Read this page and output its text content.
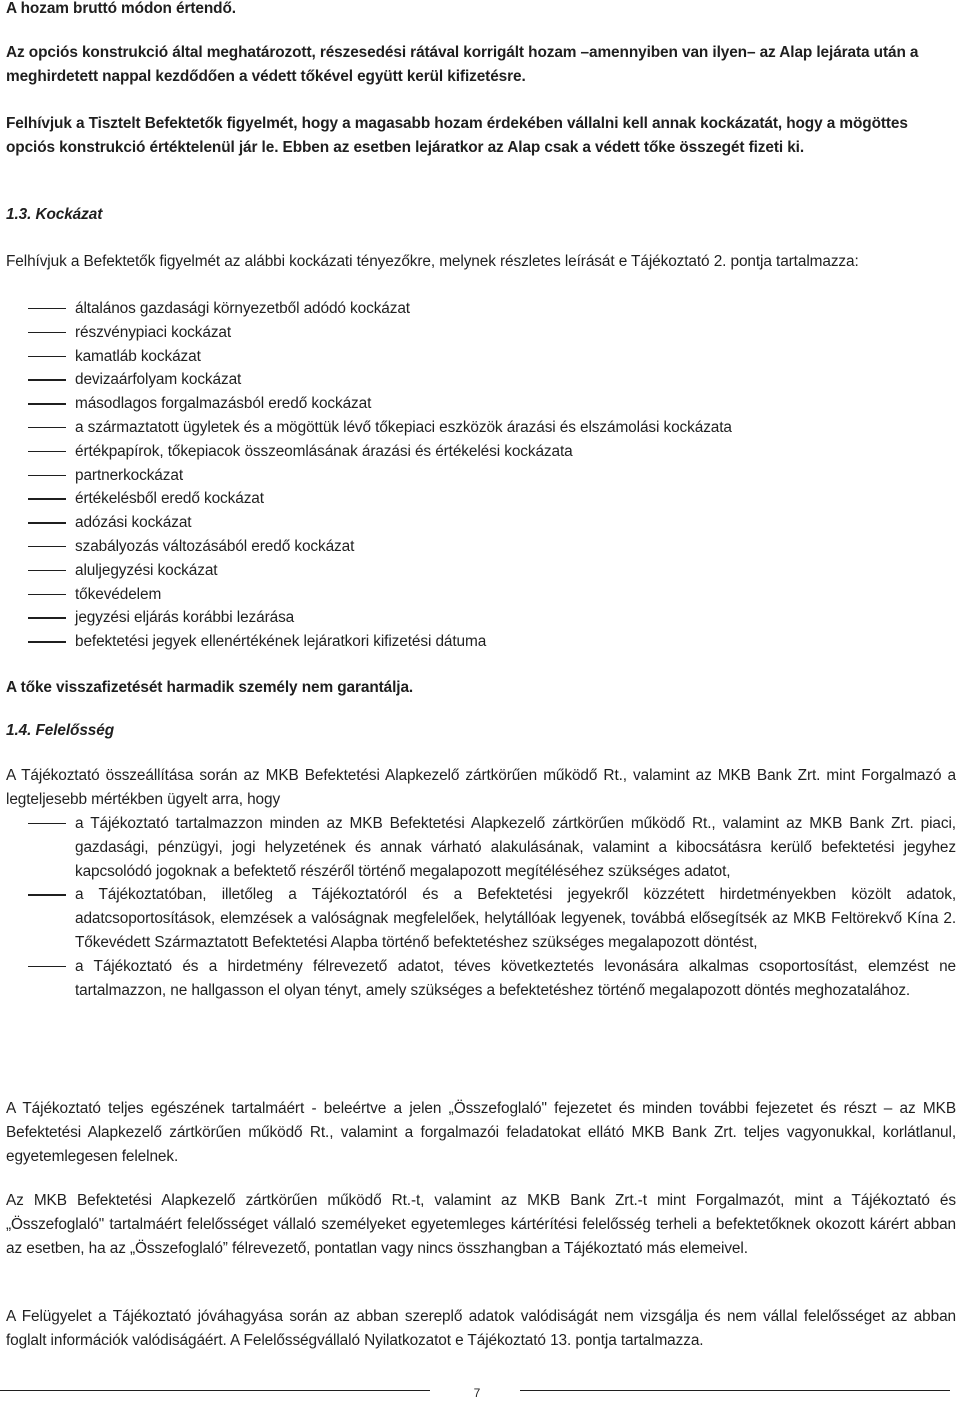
A hozam bruttó módon értendő.

Az opciós konstrukció által meghatározott, részesedési rátával korrigált hozam –amennyiben van ilyen– az Alap lejárata után a meghirdetett nappal kezdődően a védett tőkével együtt kerül kifizetésre.

Felhívjuk a Tisztelt Befektetők figyelmét, hogy a magasabb hozam érdekében vállalni kell annak kockázatát, hogy a mögöttes opciós konstrukció értéktelenül jár le. Ebben az esetben lejáratkor az Alap csak a védett tőke összegét fizeti ki.

1.3. Kockázat

Felhívjuk a Befektetők figyelmét az alábbi kockázati tényezőkre, melynek részletes leírását e Tájékoztató 2. pontja tartalmazza:

általános gazdasági környezetből adódó kockázat
részvénypiaci kockázat
kamatláb kockázat
devizaárfolyam kockázat
másodlagos forgalmazásból eredő kockázat
a származtatott ügyletek és a mögöttük lévő tőkepiaci eszközök árazási és elszámolási kockázata
értékpapírok, tőkepiacok összeomlásának árazási és értékelési kockázata
partnerkockázat
értékelésből eredő kockázat
adózási kockázat
szabályozás változásából eredő kockázat
aluljegyzési kockázat
tőkevédelem
jegyzési eljárás korábbi lezárása
befektetési jegyek ellenértékének lejáratkori kifizetési dátuma

A tőke visszafizetését harmadik személy nem garantálja.

1.4. Felelősség

A Tájékoztató összeállítása során az MKB Befektetési Alapkezelő zártkörűen működő Rt., valamint az MKB Bank Zrt. mint Forgalmazó a legteljesebb mértékben ügyelt arra, hogy

a Tájékoztató tartalmazzon minden az MKB Befektetési Alapkezelő zártkörűen működő Rt., valamint az MKB Bank Zrt. piaci, gazdasági, pénzügyi, jogi helyzetének és annak várható alakulásának, valamint a kibocsátásra kerülő befektetési jegyhez kapcsolódó jogoknak a befektető részéről történő megalapozott megítéléséhez szükséges adatot,
a Tájékoztatóban, illetőleg a Tájékoztatóról és a Befektetési jegyekről közzétett hirdetményekben közölt adatok, adatcsoportosítások, elemzések a valóságnak megfelelőek, helytállóak legyenek, továbbá elősegítsék az MKB Feltörekvő Kína 2. Tőkevédett Származtatott Befektetési Alapba történő befektetéshez szükséges megalapozott döntést,
a Tájékoztató és a hirdetmény félrevezető adatot, téves következtetés levonására alkalmas csoportosítást, elemzést ne tartalmazzon, ne hallgasson el olyan tényt, amely szükséges a befektetéshez történő megalapozott döntés meghozatalához.

A Tájékoztató teljes egészének tartalmáért - beleértve a jelen „Összefoglaló" fejezetet és minden további fejezetet és részt – az MKB Befektetési Alapkezelő zártkörűen működő Rt., valamint a forgalmazói feladatokat ellátó MKB Bank Zrt. teljes vagyonukkal, korlátlanul, egyetemlegesen felelnek.

Az MKB Befektetési Alapkezelő zártkörűen működő Rt.-t, valamint az MKB Bank Zrt.-t mint Forgalmazót, mint a Tájékoztató és „Összefoglaló" tartalmáért felelősséget vállaló személyeket egyetemleges kártérítési felelősség terheli a befektetőknek okozott kárért abban az esetben, ha az „Összefoglaló” félrevezető, pontatlan vagy nincs összhangban a Tájékoztató más elemeivel.

A Felügyelet a Tájékoztató jóváhagyása során az abban szereplő adatok valódiságát nem vizsgálja és nem vállal felelősséget az abban foglalt információk valódiságáért. A Felelősségvállaló Nyilatkozatot e Tájékoztató 13. pontja tartalmazza.

7
